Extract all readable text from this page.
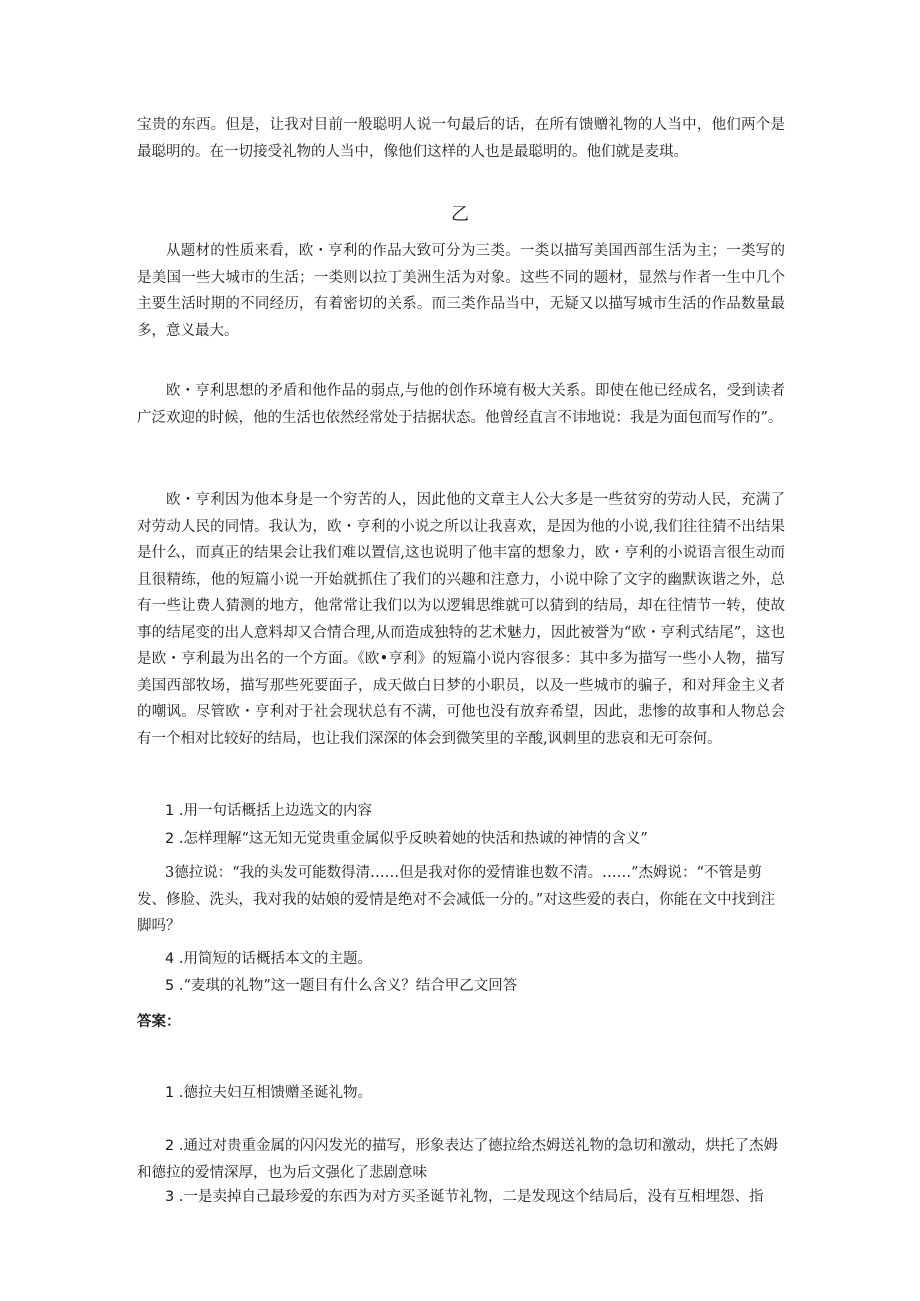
宝贵的东西。但是，让我对目前一般聪明人说一句最后的话，在所有馈赠礼物的人当中，他们两个是最聪明的。在一切接受礼物的人当中，像他们这样的人也是最聪明的。他们就是麦琪。

乙

从题材的性质来看，欧・亨利的作品大致可分为三类。一类以描写美国西部生活为主；一类写的是美国一些大城市的生活；一类则以拉丁美洲生活为对象。这些不同的题材，显然与作者一生中几个主要生活时期的不同经历，有着密切的关系。而三类作品当中，无疑又以描写城市生活的作品数量最多，意义最大。

欧・亨利思想的矛盾和他作品的弱点,与他的创作环境有极大关系。即使在他已经成名，受到读者广泛欢迎的时候，他的生活也依然经常处于拮据状态。他曾经直言不讳地说：我是为面包而写作的”。

欧・亨利因为他本身是一个穷苦的人，因此他的文章主人公大多是一些贫穷的劳动人民，充满了对劳动人民的同情。我认为，欧・亨利的小说之所以让我喜欢，是因为他的小说,我们往往猜不出结果是什么，而真正的结果会让我们难以置信,这也说明了他丰富的想象力，欧・亨利的小说语言很生动而且很精练，他的短篇小说一开始就抓住了我们的兴趣和注意力，小说中除了文字的幽默诙谐之外，总有一些让费人猜测的地方，他常常让我们以为以逻辑思维就可以猜到的结局，却在往情节一转，使故事的结尾变的出人意料却又合情合理,从而造成独特的艺术魅力，因此被誉为“欧・亨利式结尾”，这也是欧・亨利最为出名的一个方面。《欧•亨利》的短篇小说内容很多：其中多为描写一些小人物，描写美国西部牧场，描写那些死要面子，成天做白日梦的小职员，以及一些城市的骗子，和对拜金主义者的嘲讽。尽管欧・亨利对于社会现状总有不满，可他也没有放弃希望，因此，悲惨的故事和人物总会有一个相对比较好的结局，也让我们深深的体会到微笑里的辛酸,讽刺里的悲哀和无可奈何。

1 .用一句话概括上边选文的内容

2 .怎样理解“这无知无觉贵重金属似乎反映着她的快活和热诚的神情的含义”

3德拉说：“我的头发可能数得清……但是我对你的爱情谁也数不清。……”杰姆说：“不管是剪发、修脸、洗头，我对我的姑娘的爱情是绝对不会减低一分的。”对这些爱的表白，你能在文中找到注脚吗？

4 .用简短的话概括本文的主题。

5 .“麦琪的礼物”这一题目有什么含义？结合甲乙文回答

答案：

1 .德拉夫妇互相馈赠圣诞礼物。

2 .通过对贵重金属的闪闪发光的描写，形象表达了德拉给杰姆送礼物的急切和激动，烘托了杰姆和德拉的爱情深厚，也为后文强化了悲剧意味

3 .一是卖掉自己最珍爱的东西为对方买圣诞节礼物，二是发现这个结局后，没有互相埋怨、指
